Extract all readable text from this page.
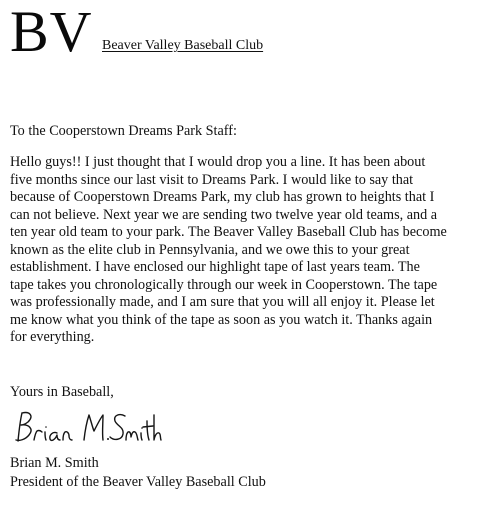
BV Beaver Valley Baseball Club
To the Cooperstown Dreams Park Staff:
Hello guys!! I just thought that I would drop you a line. It has been about
five months since our last visit to Dreams Park. I would like to say that
because of Cooperstown Dreams Park, my club has grown to heights that I
can not believe. Next year we are sending two twelve year old teams, and a
ten year old team to your park. The Beaver Valley Baseball Club has become
known as the elite club in Pennsylvania, and we owe this to your great
establishment. I have enclosed our highlight tape of last years team. The
tape takes you chronologically through our week in Cooperstown. The tape
was professionally made, and I am sure that you will all enjoy it. Please let
me know what you think of the tape as soon as you watch it. Thanks again
for everything.
Yours in Baseball,
Brian M. Smith
President of the Beaver Valley Baseball Club
